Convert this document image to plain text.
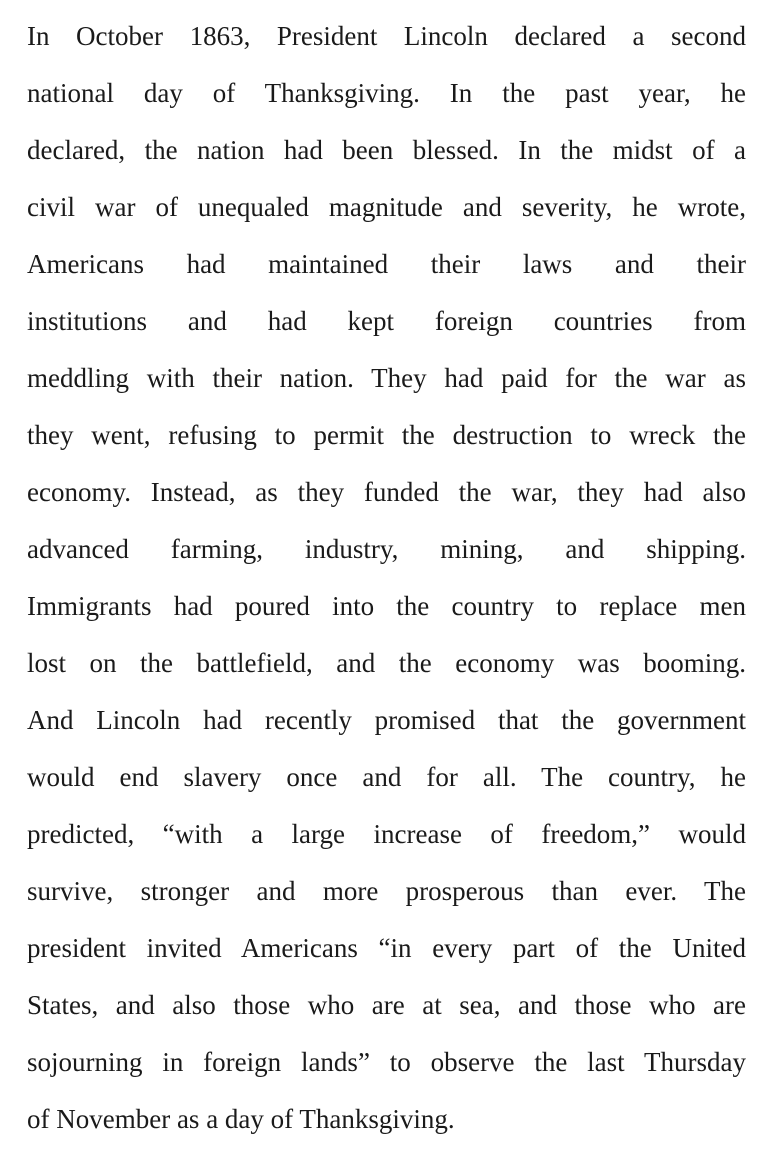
In October 1863, President Lincoln declared a second
national day of Thanksgiving. In the past year, he
declared, the nation had been blessed. In the midst of a
civil war of unequaled magnitude and severity, he wrote,
Americans had maintained their laws and their
institutions and had kept foreign countries from
meddling with their nation. They had paid for the war as
they went, refusing to permit the destruction to wreck the
economy. Instead, as they funded the war, they had also
advanced farming, industry, mining, and shipping.
Immigrants had poured into the country to replace men
lost on the battlefield, and the economy was booming.
And Lincoln had recently promised that the government
would end slavery once and for all. The country, he
predicted, “with a large increase of freedom,” would
survive, stronger and more prosperous than ever. The
president invited Americans “in every part of the United
States, and also those who are at sea, and those who are
sojourning in foreign lands” to observe the last Thursday
of November as a day of Thanksgiving.
